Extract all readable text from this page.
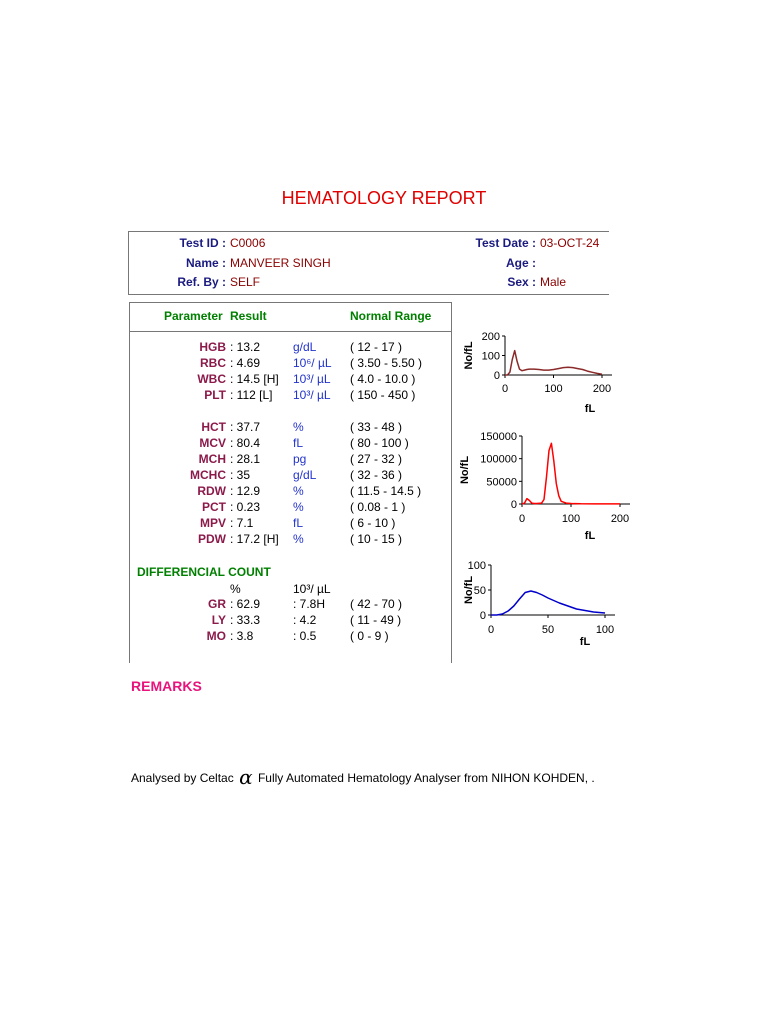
HEMATOLOGY REPORT
Test ID : C0006
Name : MANVEER SINGH
Ref. By : SELF
Test Date : 03-OCT-24
Age :
Sex : Male
Parameter Result	Normal Range
HGB : 13.2	g/dL	( 12 - 17 )
RBC : 4.69	10⁶/ µL ( 3.50 - 5.50 )
WBC : 14.5 [H] 10³/ µL ( 4.0 - 10.0 )
PLT : 112 [L] 10³/ µL ( 150 - 450 )
HCT : 37.7	%	( 33 - 48 )
MCV : 80.4	fL	( 80 - 100 )
MCH : 28.1	pg	( 27 - 32 )
MCHC : 35	g/dL	( 32 - 36 )
RDW : 12.9	%	( 11.5 - 14.5 )
PCT : 0.23	%	( 0.08 - 1 )
MPV : 7.1	fL	( 6 - 10 )
PDW : 17.2 [H] %	( 10 - 15 )
DIFFERENCIAL COUNT
%	10³/ µL
GR : 62.9	: 7.8H ( 42 - 70 )
LY : 33.3	: 4.2	( 11 - 49 )
MO : 3.8	: 0.5	( 0 - 9 )
REMARKS
Analysed by Celtac α Fully Automated Hematology Analyser from NIHON KOHDEN, .
0
100
200
0	100	200
fL
No/fL
0
50000
100000
150000
0	100	200
fL
No/fL
0
50
100
0	50	100
fL
No/fL
